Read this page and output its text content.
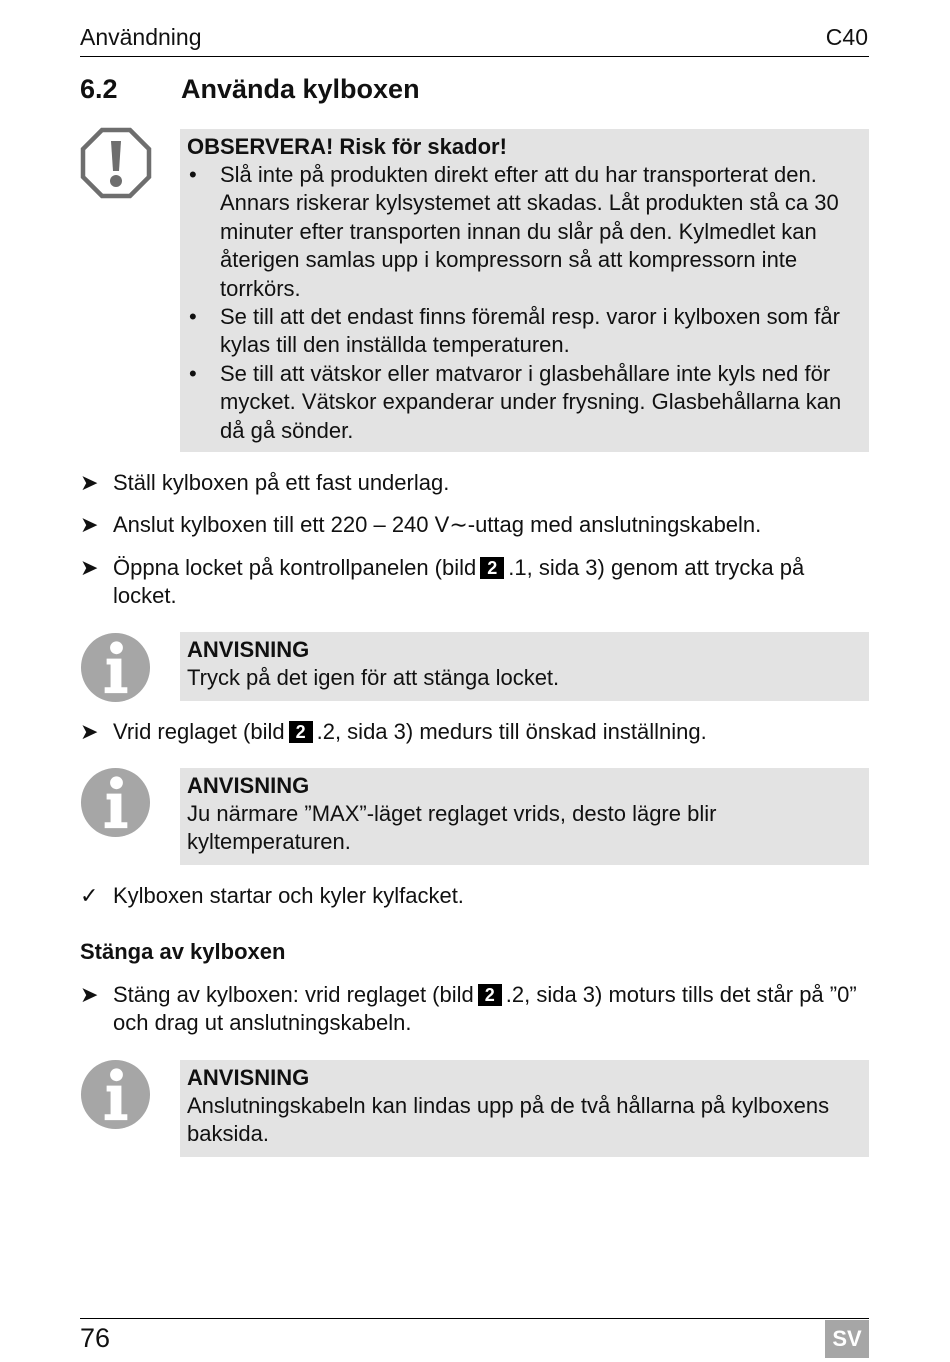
Användning	C40
6.2 Använda kylboxen
OBSERVERA! Risk för skador!
• Slå inte på produkten direkt efter att du har transporterat den. Annars riskerar kylsystemet att skadas. Låt produkten stå ca 30 minuter efter transporten innan du slår på den. Kylmedlet kan återigen samlas upp i kompressorn så att kompressorn inte torrkörs.
• Se till att det endast finns föremål resp. varor i kylboxen som får kylas till den inställda temperaturen.
• Se till att vätskor eller matvaror i glasbehållare inte kyls ned för mycket. Vätskor expanderar under frysning. Glasbehållarna kan då gå sönder.
➤ Ställ kylboxen på ett fast underlag.
➤ Anslut kylboxen till ett 220 – 240 V∼-uttag med anslutningskabeln.
➤ Öppna locket på kontrollpanelen (bild 2 .1, sida 3) genom att trycka på locket.
ANVISNING
Tryck på det igen för att stänga locket.
➤ Vrid reglaget (bild 2 .2, sida 3) medurs till önskad inställning.
ANVISNING
Ju närmare ”MAX”-läget reglaget vrids, desto lägre blir kyltemperaturen.
✓ Kylboxen startar och kyler kylfacket.
Stänga av kylboxen
➤ Stäng av kylboxen: vrid reglaget (bild 2 .2, sida 3) moturs tills det står på ”0” och drag ut anslutningskabeln.
ANVISNING
Anslutningskabeln kan lindas upp på de två hållarna på kylboxens baksida.
76	SV
